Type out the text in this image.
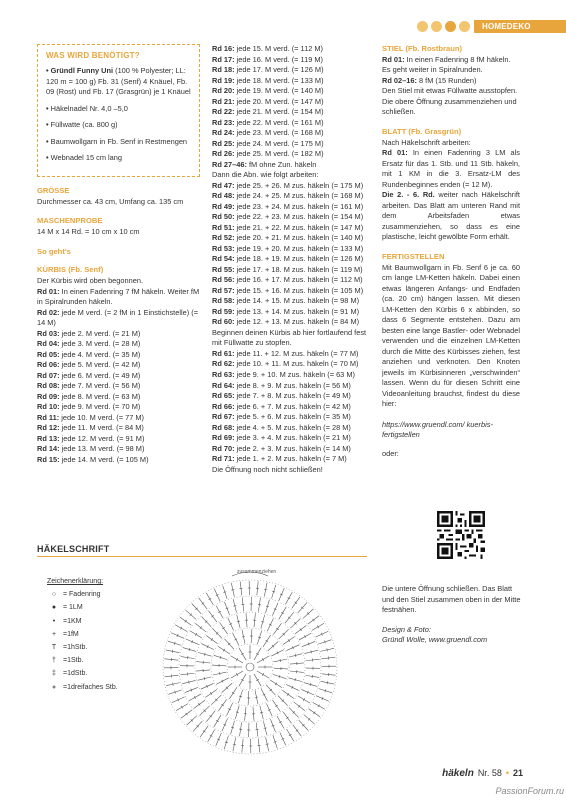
HOMEDEKO
WAS WIRD BENÖTIGT?
• Gründl Funny Uni (100 % Polyester; LL: 120 m = 100 g) Fb. 31 (Senf) 4 Knäuel, Fb. 09 (Rost) und Fb. 17 (Grasgrün) je 1 Knäuel
• Häkelnadel Nr. 4,0 –5,0
• Füllwatte (ca. 800 g)
• Baumwollgarn in Fb. Senf in Restmengen
• Webnadel 15 cm lang
GRÖSSE

Durchmesser ca. 43 cm, Umfang ca. 135 cm

MASCHENPROBE

14 M x 14 Rd. = 10 cm x 10 cm

So geht's
KÜRBIS (Fb. Senf)

Der Kürbis wird oben begonnen.

Rd 01: In einen Fadenring 7 fM häkeln. Weiter fM in Spiralrunden häkeln.

Rd 02: jede M verd. (= 2 fM in 1 Einstichstelle) (= 14 M)

Rd 03: jede 2. M verd. (= 21 M)
Rd 04: jede 3. M verd. (= 28 M)
Rd 05: jede 4. M verd. (= 35 M)
Rd 06: jede 5. M verd. (= 42 M)
Rd 07: jede 6. M verd. (= 49 M)
Rd 08: jede 7. M verd. (= 56 M)
Rd 09: jede 8. M verd. (= 63 M)
Rd 10: jede 9. M verd. (= 70 M)
Rd 11: jede 10. M verd. (= 77 M)
Rd 12: jede 11. M verd. (= 84 M)
Rd 13: jede 12. M verd. (= 91 M)
Rd 14: jede 13. M verd. (= 98 M)
Rd 15: jede 14. M verd. (= 105 M)
Rd 16: jede 15. M verd. (= 112 M)
Rd 17: jede 16. M verd. (= 119 M)
Rd 18: jede 17. M verd. (= 126 M)
Rd 19: jede 18. M verd. (= 133 M)
Rd 20: jede 19. M verd. (= 140 M)
Rd 21: jede 20. M verd. (= 147 M)
Rd 22: jede 21. M verd. (= 154 M)
Rd 23: jede 22. M verd. (= 161 M)
Rd 24: jede 23. M verd. (= 168 M)
Rd 25: jede 24. M verd. (= 175 M)
Rd 26: jede 25. M verd. (= 182 M)
Rd 27–46: fM ohne Zun. häkeln

Dann die Abn. wie folgt arbeiten:

Rd 47: jede 25. + 26. M zus. häkeln (= 175 M)
Rd 48: jede 24. + 25. M zus. häkeln (= 168 M)
Rd 49: jede 23. + 24. M zus. häkeln (= 161 M)
Rd 50: jede 22. + 23. M zus. häkeln (= 154 M)
Rd 51: jede 21. + 22. M zus. häkeln (= 147 M)
Rd 52: jede 20. + 21. M zus. häkeln (= 140 M)
Rd 53: jede 19. + 20. M zus. häkeln (= 133 M)
Rd 54: jede 18. + 19. M zus. häkeln (= 126 M)
Rd 55: jede 17. + 18. M zus. häkeln (= 119 M)
Rd 56: jede 16. + 17. M zus. häkeln (= 112 M)
Rd 57: jede 15. + 16. M zus. häkeln (= 105 M)
Rd 58: jede 14. + 15. M zus. häkeln (= 98 M)
Rd 59: jede 13. + 14. M zus. häkeln (= 91 M)
Rd 60: jede 12. + 13. M zus. häkeln (= 84 M)

Beginnen deinen Kürbis ab hier fortlaufend fest mit Füllwatte zu stopfen.

Rd 61: jede 11. + 12. M zus. häkeln (= 77 M)
Rd 62: jede 10. + 11. M zus. häkeln (= 70 M)
Rd 63: jede 9. + 10. M zus. häkeln (= 63 M)
Rd 64: jede 8. + 9. M zus. häkeln (= 56 M)
Rd 65: jede 7. + 8. M zus. häkeln (= 49 M)
Rd 66: jede 6. + 7. M zus. häkeln (= 42 M)
Rd 67: jede 5. + 6. M zus. häkeln (= 35 M)
Rd 68: jede 4. + 5. M zus. häkeln (= 28 M)
Rd 69: jede 3. + 4. M zus. häkeln (= 21 M)
Rd 70: jede 2. + 3. M zus. häkeln (= 14 M)
Rd 71: jede 1. + 2. M zus. häkeln (= 7 M)

Die Öffnung noch nicht schließen!

STIEL (Fb. Rostbraun)

Rd 01: In einen Fadenring 8 fM häkeln. Es geht weiter in Spiralrunden.

Rd 02–16: 8 fM (15 Runden)

Den Stiel mit etwas Füllwatte ausstopfen. Die obere Öffnung zusammenziehen und schließen.

BLATT (Fb. Grasgrün)

Nach Häkelschrift arbeiten:

Rd 01: In einen Fadenring 3 LM als Ersatz für das 1. Stb. und 11 Stb. häkeln, mit 1 KM in die 3. Ersatz-LM des Rundenbeginnes enden (= 12 M).

Die 2. - 6. Rd. weiter nach Häkelschrift arbeiten. Das Blatt am unteren Rand mit dem Arbeitsfaden etwas zusammenziehen, so dass es eine plastische, leicht gewölbte Form erhält.

FERTIGSTELLEN

Mit Baumwollgarn in Fb. Senf 6 je ca. 60 cm lange LM-Ketten häkeln. Dabei einen etwas längeren Anfangs- und Endfaden (ca. 20 cm) hängen lassen. Mit diesen LM-Ketten den Kürbis 6 x abbinden, so dass 6 Segmente entstehen. Dazu am besten eine lange Bastler- oder Webnadel verwenden und die einzelnen LM-Ketten durch die Mitte des Kürbisses ziehen, fest anziehen und verknoten. Den Knoten jeweils im Kürbisinneren „verschwinden“ lassen. Wenn du für diesen Schritt eine Videoanleitung brauchst, findest du diese hier:

https://www.gruendl.com/ kuerbis-fertigstellen

oder:

Die untere Öffnung schließen. Das Blatt und den Stiel zusammen oben in der Mitte festnähen.

Design & Foto:

Gründl Wolle, www.gruendl.com

HÄKELSCHRIFT
Zeichenerklärung:
○ = Fadenring
● = 1LM
•	=1KM
+ =1fM
T =1hStb.
†	=1Stb.
‡	=1dStb.
⧧	=1dreifaches Stb.
zusammenziehen
häkeln Nr. 58 • 21
PassionForum.ru
